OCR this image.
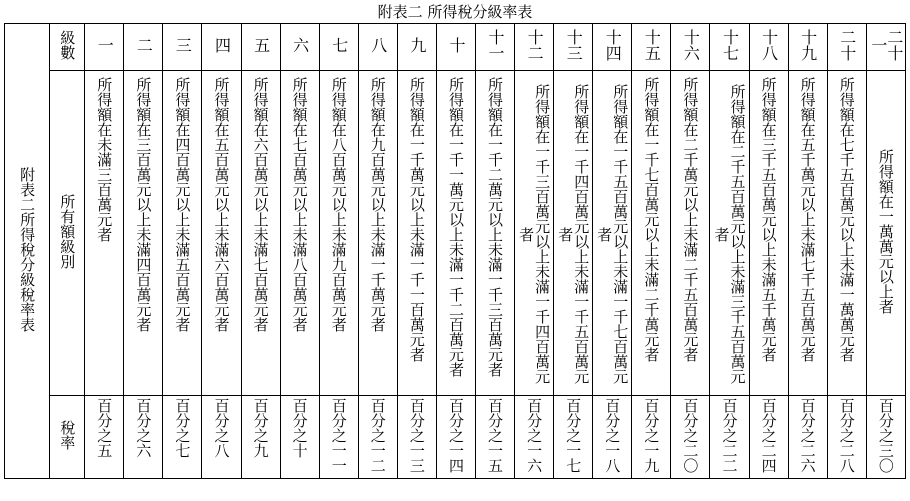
附表二 所得稅分級率表
附表二所得稅分級稅率表	級數	一	二	三	四	五	六	七	八	九	十	十一	十二	十三	十四	十五	十六	十七	十八	十九	二十	二十一
	所有額級別	所得額在未滿三百萬元者	所得額在三百萬元以上未滿四百萬元者	所得額在四百萬元以上未滿五百萬元者	所得額在五百萬元以上未滿六百萬元者	所得額在六百萬元以上未滿七百萬元者	所得額在七百萬元以上未滿八百萬元者	所得額在八百萬元以上未滿九百萬元者	所得額在九百萬元以上未滿一千萬元者	所得額在一千萬元以上未滿一千一百萬元者	所得額在一千一萬元以上未滿一千二百萬元者	所得額在一千二萬元以上未滿一千三百萬元者	所得額在一千三百萬元以上未滿一千四百萬元者	所得額在一千四百萬元以上未滿一千五百萬元者	所得額在一千五百萬元以上未滿一千七百萬元者	所得額在一千七百萬元以上未滿二千萬元者	所得額在二千萬元以上未滿二千五百萬元者	所得額在二千五百萬元以上未滿三千五百萬元者	所得額在三千五百萬元以上未滿五千萬元者	所得額在五千萬元以上未滿七千五百萬元者	所得額在七千五百萬元以上未滿一萬萬元者	所得額在一萬萬元以上者
	稅率	百分之五	百分之六	百分之七	百分之八	百分之九	百分之十	百分之一一	百分之一二	百分之一三	百分之一四	百分之一五	百分之一六	百分之一七	百分之一八	百分之一九	百分之二〇	百分之二二	百分之二四	百分之二六	百分之二八	百分之三〇
